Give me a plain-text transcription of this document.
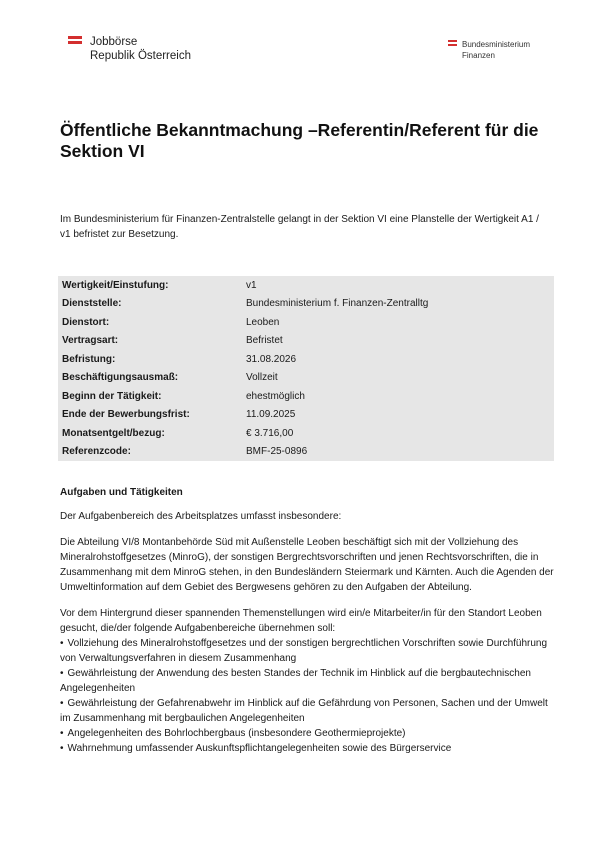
Jobbörse
Republik Österreich
Bundesministerium
Finanzen
Öffentliche Bekanntmachung –Referentin/Referent für die Sektion VI

Im Bundesministerium für Finanzen-Zentralstelle gelangt in der Sektion VI eine Planstelle der Wertigkeit A1 / v1 befristet zur Besetzung.

Wertigkeit/Einstufung:	v1
Dienststelle:	Bundesministerium f. Finanzen-Zentralltg
Dienstort:	Leoben
Vertragsart:	Befristet
Befristung:	31.08.2026
Beschäftigungsausmaß:	Vollzeit
Beginn der Tätigkeit:	ehestmöglich
Ende der Bewerbungsfrist:	11.09.2025
Monatsentgelt/bezug:	€ 3.716,00
Referenzcode:	BMF-25-0896

Aufgaben und Tätigkeiten

Der Aufgabenbereich des Arbeitsplatzes umfasst insbesondere:

Die Abteilung VI/8 Montanbehörde Süd mit Außenstelle Leoben beschäftigt sich mit der Vollziehung des Mineralrohstoffgesetzes (MinroG), der sonstigen Bergrechtsvorschriften und jenen Rechtsvorschriften, die in Zusammenhang mit dem MinroG stehen, in den Bundesländern Steiermark und Kärnten. Auch die Agenden der Umweltinformation auf dem Gebiet des Bergwesens gehören zu den Aufgaben der Abteilung.

Vor dem Hintergrund dieser spannenden Themenstellungen wird ein/e Mitarbeiter/in für den Standort Leoben gesucht, die/der folgende Aufgabenbereiche übernehmen soll:

• Vollziehung des Mineralrohstoffgesetzes und der sonstigen bergrechtlichen Vorschriften sowie Durchführung von Verwaltungsverfahren in diesem Zusammenhang
• Gewährleistung der Anwendung des besten Standes der Technik im Hinblick auf die bergbautechnischen Angelegenheiten
• Gewährleistung der Gefahrenabwehr im Hinblick auf die Gefährdung von Personen, Sachen und der Umwelt im Zusammenhang mit bergbaulichen Angelegenheiten
• Angelegenheiten des Bohrlochbergbaus (insbesondere Geothermieprojekte)
• Wahrnehmung umfassender Auskunftspflichtangelegenheiten sowie des Bürgerservice
